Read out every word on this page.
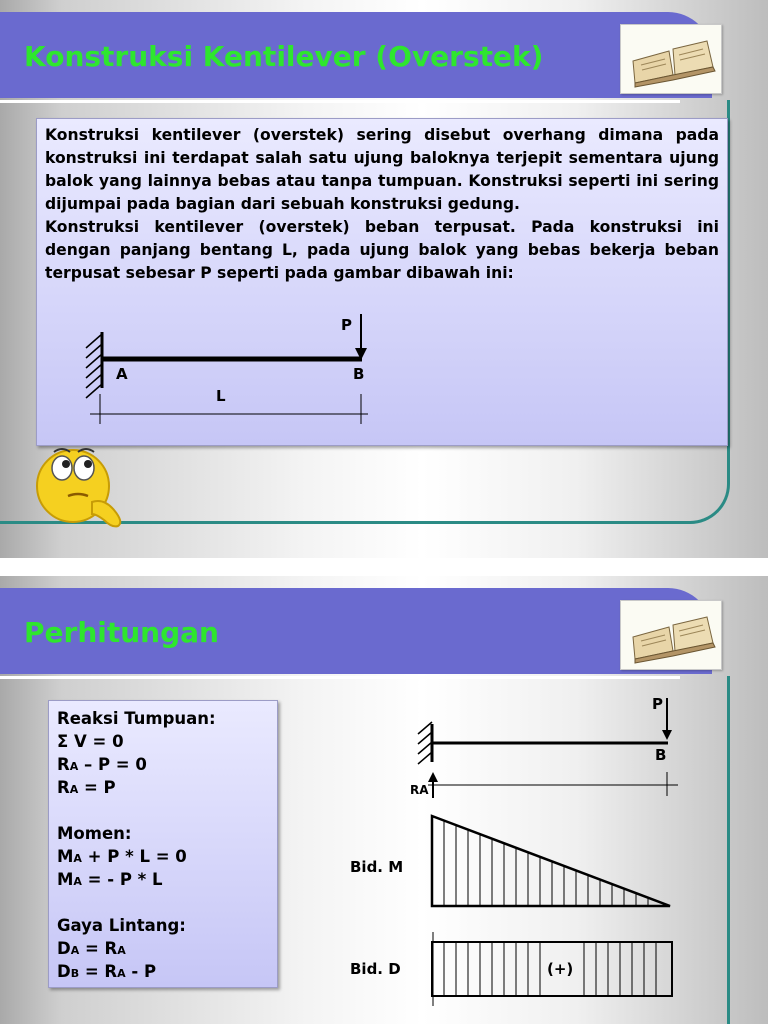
Konstruksi Kentilever (Overstek)

Konstruksi kentilever (overstek) sering disebut overhang dimana pada konstruksi ini terdapat salah satu ujung baloknya terjepit sementara ujung balok yang lainnya bebas atau tanpa tumpuan. Konstruksi seperti ini sering dijumpai pada bagian dari sebuah konstruksi gedung.

Konstruksi kentilever (overstek) beban terpusat. Pada konstruksi ini dengan panjang bentang L, pada ujung balok yang bebas bekerja beban terpusat sebesar P seperti pada gambar dibawah ini:

P
A	B
L
Perhitungan
Reaksi Tumpuan:
Σ V = 0
RA – P = 0
RA = P
Momen:
MA + P * L = 0
MA = - P * L
Gaya Lintang:
DA = RA
DB = RA - P
P
B
RA
Bid. M
Bid. D	(+)
